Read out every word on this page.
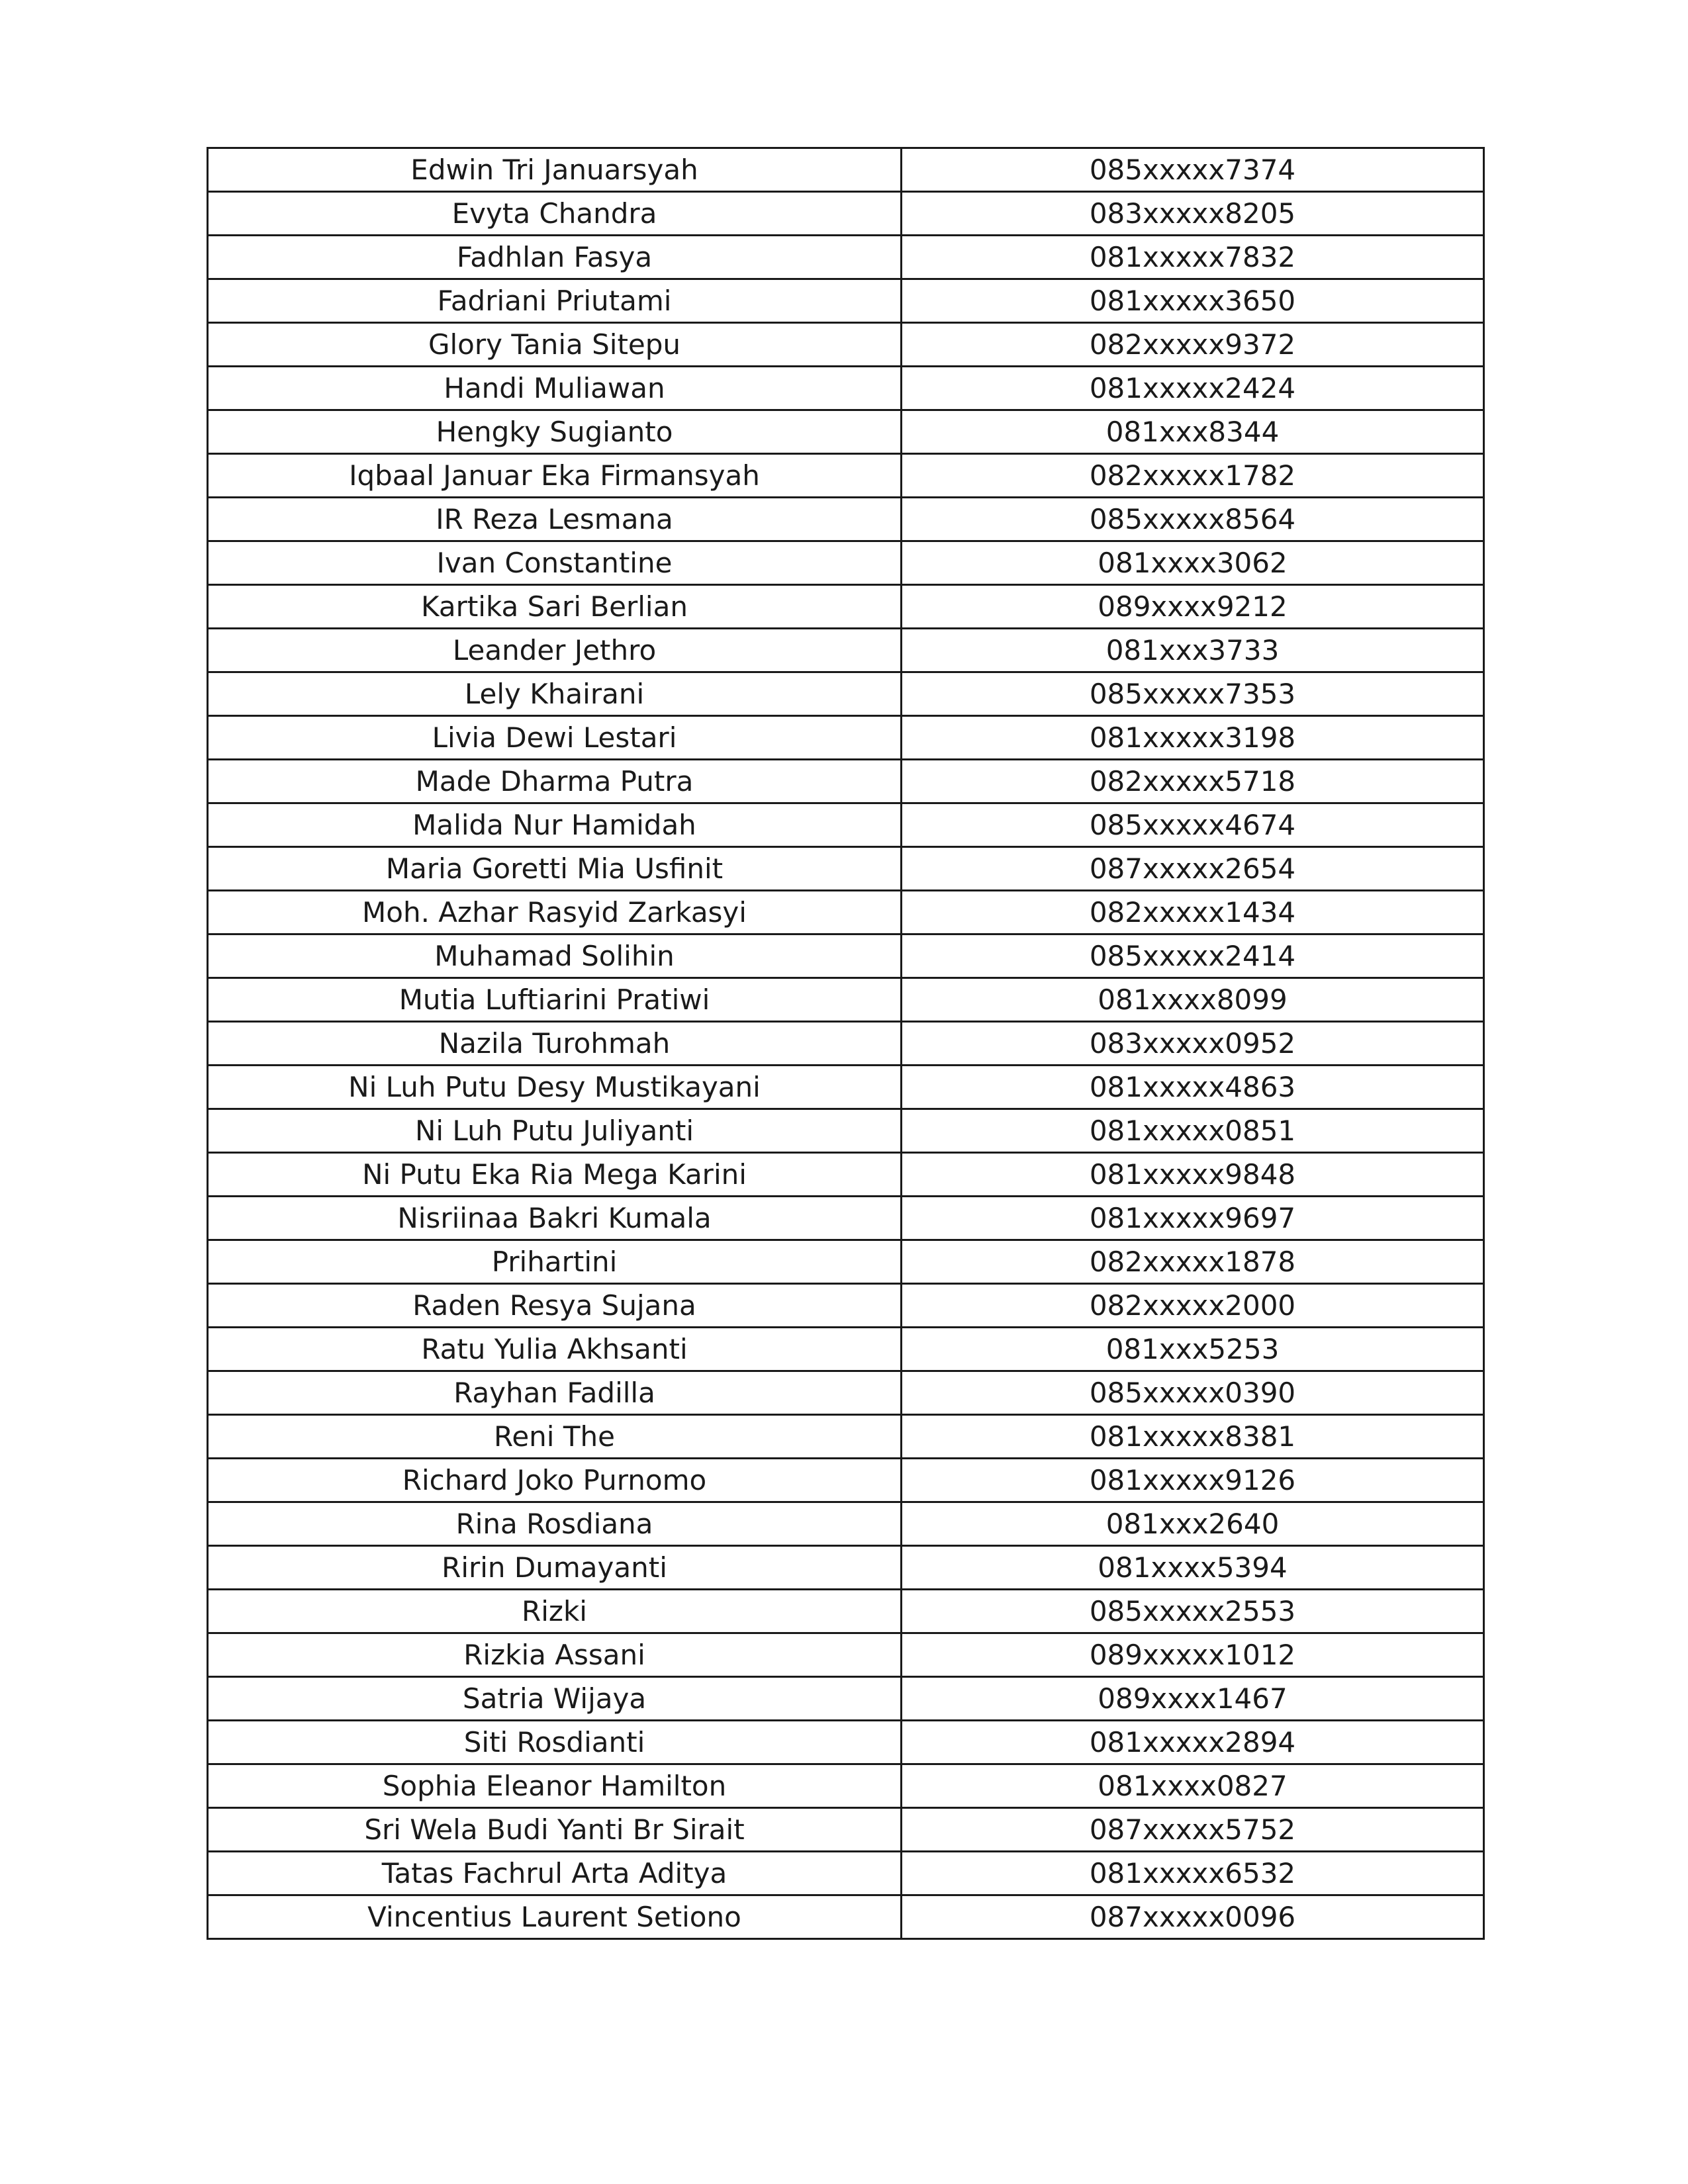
Edwin Tri Januarsyah	085xxxxx7374
Evyta Chandra	083xxxxx8205
Fadhlan Fasya	081xxxxx7832
Fadriani Priutami	081xxxxx3650
Glory Tania Sitepu	082xxxxx9372
Handi Muliawan	081xxxxx2424
Hengky Sugianto	081xxx8344
Iqbaal Januar Eka Firmansyah	082xxxxx1782
IR Reza Lesmana	085xxxxx8564
Ivan Constantine	081xxxx3062
Kartika Sari Berlian	089xxxx9212
Leander Jethro	081xxx3733
Lely Khairani	085xxxxx7353
Livia Dewi Lestari	081xxxxx3198
Made Dharma Putra	082xxxxx5718
Malida Nur Hamidah	085xxxxx4674
Maria Goretti Mia Usfinit	087xxxxx2654
Moh. Azhar Rasyid Zarkasyi	082xxxxx1434
Muhamad Solihin	085xxxxx2414
Mutia Luftiarini Pratiwi	081xxxx8099
Nazila Turohmah	083xxxxx0952
Ni Luh Putu Desy Mustikayani	081xxxxx4863
Ni Luh Putu Juliyanti	081xxxxx0851
Ni Putu Eka Ria Mega Karini	081xxxxx9848
Nisriinaa Bakri Kumala	081xxxxx9697
Prihartini	082xxxxx1878
Raden Resya Sujana	082xxxxx2000
Ratu Yulia Akhsanti	081xxx5253
Rayhan Fadilla	085xxxxx0390
Reni The	081xxxxx8381
Richard Joko Purnomo	081xxxxx9126
Rina Rosdiana	081xxx2640
Ririn Dumayanti	081xxxx5394
Rizki	085xxxxx2553
Rizkia Assani	089xxxxx1012
Satria Wijaya	089xxxx1467
Siti Rosdianti	081xxxxx2894
Sophia Eleanor Hamilton	081xxxx0827
Sri Wela Budi Yanti Br Sirait	087xxxxx5752
Tatas Fachrul Arta Aditya	081xxxxx6532
Vincentius Laurent Setiono	087xxxxx0096
